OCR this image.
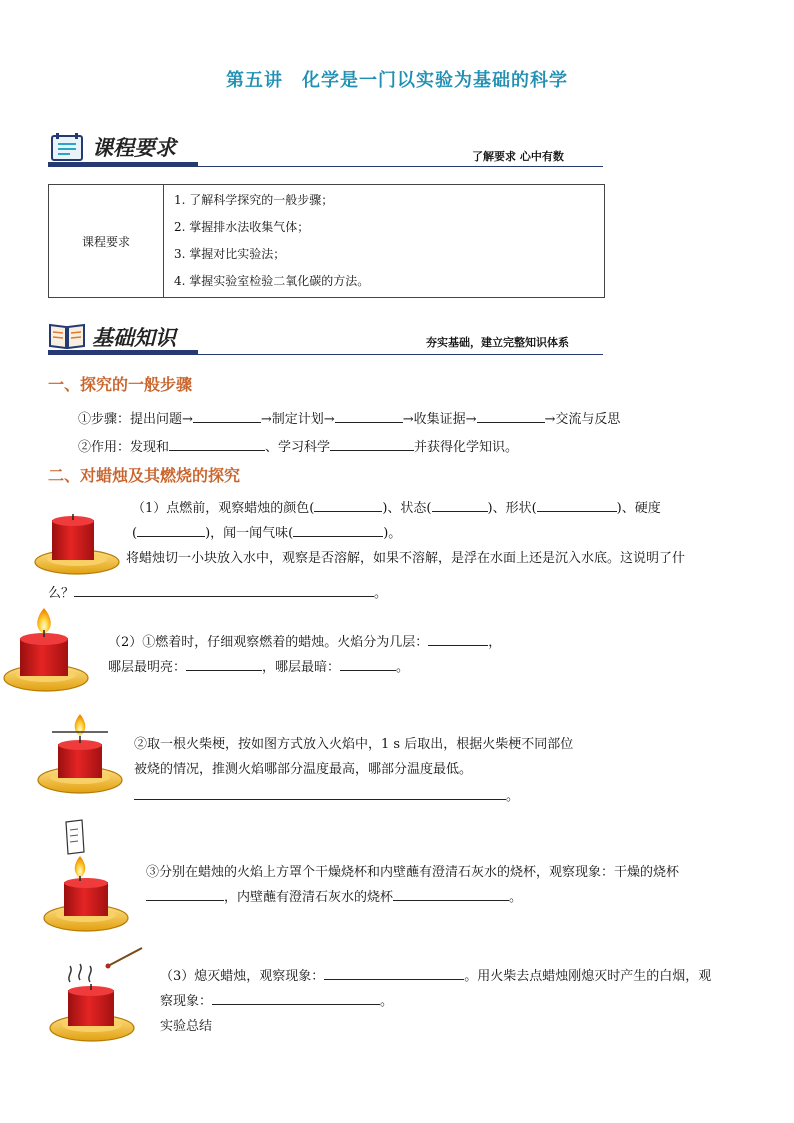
第五讲　化学是一门以实验为基础的科学
课程要求	了解要求 心中有数
课程要求	
1. 了解科学探究的一般步骤；
2. 掌握排水法收集气体；
3. 掌握对比实验法；
4. 掌握实验室检验二氧化碳的方法。
基础知识	夯实基础，建立完整知识体系
一、探究的一般步骤
①步骤：提出问题→	→制定计划→	→收集证据→	→交流与反思
②作用：发现和	、学习科学	并获得化学知识。
二、对蜡烛及其燃烧的探究
（1）点燃前，观察蜡烛的颜色(	)、状态(	)、形状(	)、硬度
(	)，闻一闻气味(	)。
将蜡烛切一小块放入水中，观察是否溶解，如果不溶解，是浮在水面上还是沉入水底。这说明了什
么？	。
（2）①燃着时，仔细观察燃着的蜡烛。火焰分为几层：	，
哪层最明亮：	，哪层最暗：	。
②取一根火柴梗，按如图方式放入火焰中，1 s 后取出，根据火柴梗不同部位
被烧的情况，推测火焰哪部分温度最高，哪部分温度最低。
。
③分别在蜡烛的火焰上方罩个干燥烧杯和内壁蘸有澄清石灰水的烧杯，观察现象：干燥的烧杯
，内壁蘸有澄清石灰水的烧杯	。
（3）熄灭蜡烛，观察现象：	。用火柴去点蜡烛刚熄灭时产生的白烟，观
察现象：	。
实验总结
